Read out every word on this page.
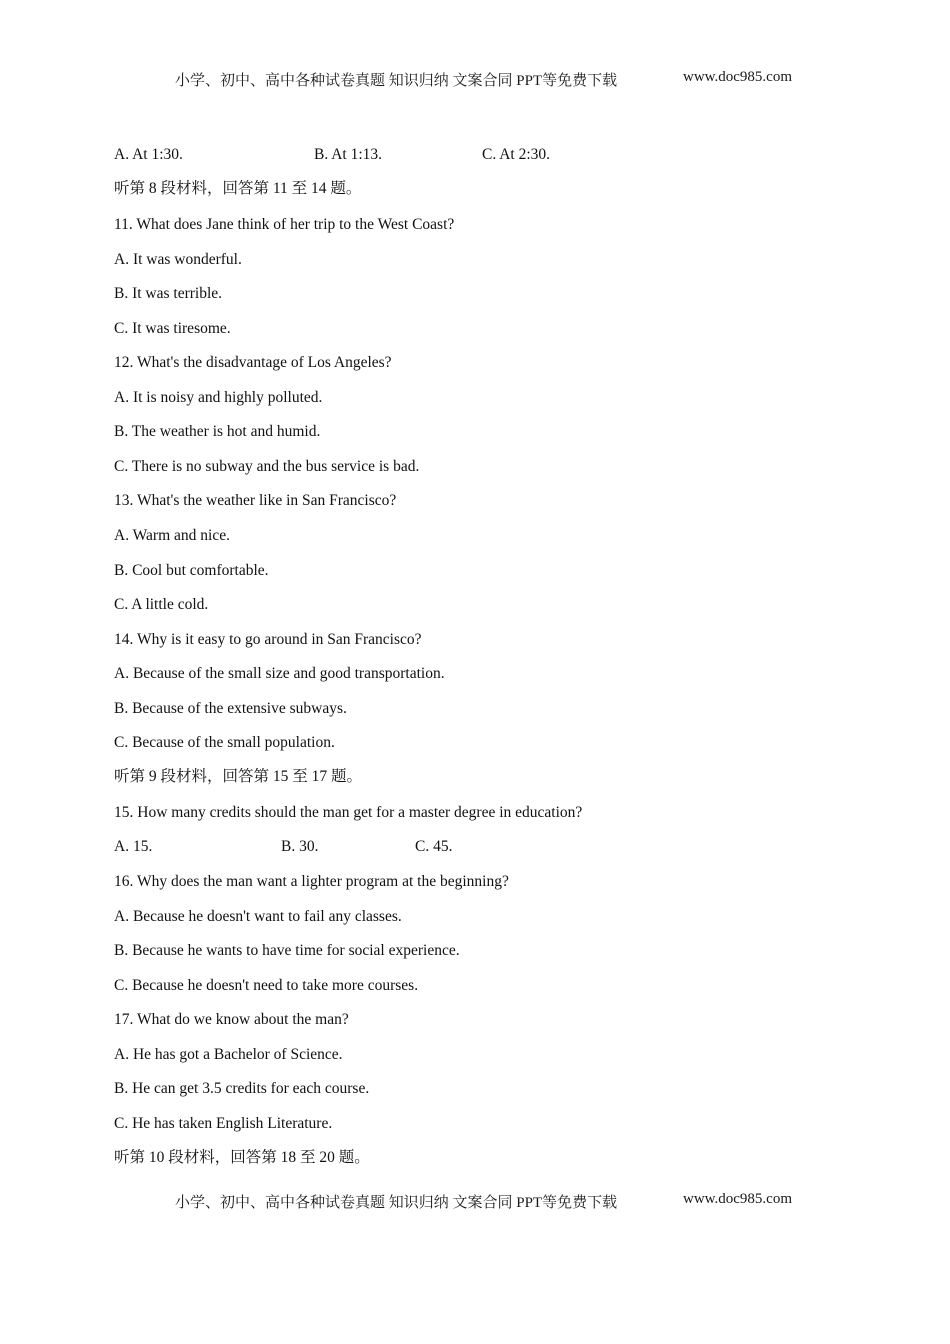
小学、初中、高中各种试卷真题 知识归纳 文案合同 PPT等免费下载	www.doc985.com
A. At 1:30.	B. At 1:13.	C. At 2:30.
听第 8 段材料，回答第 11 至 14 题。
11. What does Jane think of her trip to the West Coast?
A. It was wonderful.
B. It was terrible.
C. It was tiresome.
12. What's the disadvantage of Los Angeles?
A. It is noisy and highly polluted.
B. The weather is hot and humid.
C. There is no subway and the bus service is bad.
13. What's the weather like in San Francisco?
A. Warm and nice.
B. Cool but comfortable.
C. A little cold.
14. Why is it easy to go around in San Francisco?
A. Because of the small size and good transportation.
B. Because of the extensive subways.
C. Because of the small population.
听第 9 段材料，回答第 15 至 17 题。
15. How many credits should the man get for a master degree in education?
A. 15.	B. 30.	C. 45.
16. Why does the man want a lighter program at the beginning?
A. Because he doesn't want to fail any classes.
B. Because he wants to have time for social experience.
C. Because he doesn't need to take more courses.
17. What do we know about the man?
A. He has got a Bachelor of Science.
B. He can get 3.5 credits for each course.
C. He has taken English Literature.
听第 10 段材料，回答第 18 至 20 题。
小学、初中、高中各种试卷真题 知识归纳 文案合同 PPT等免费下载	www.doc985.com
